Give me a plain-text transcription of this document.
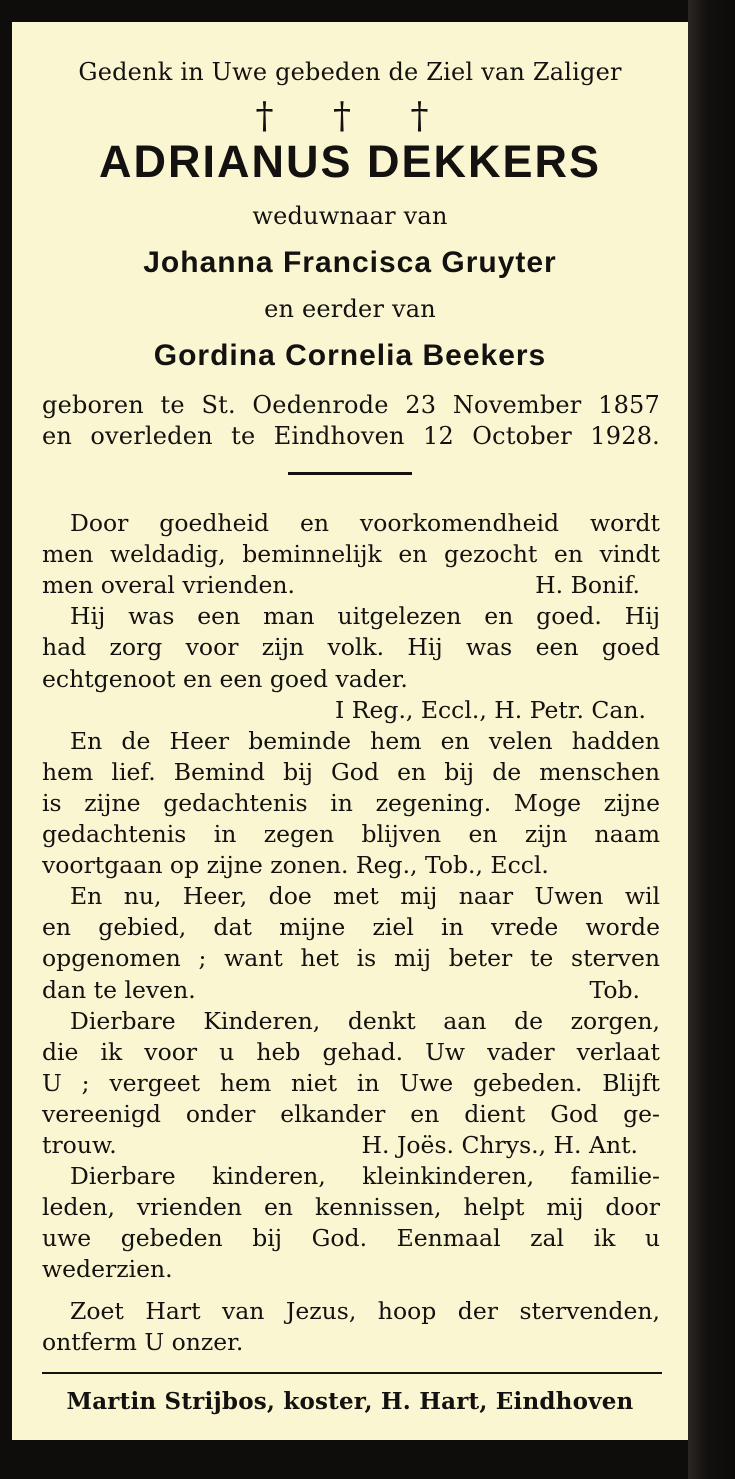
Gedenk in Uwe gebeden de Ziel van Zaliger
† † †
ADRIANUS DEKKERS
weduwnaar van
Johanna Francisca Gruyter
en eerder van
Gordina Cornelia Beekers
geboren te St. Oedenrode 23 November 1857
en overleden te Eindhoven 12 October 1928.
Door goedheid en voorkomendheid wordt
men weldadig, beminnelijk en gezocht en vindt
men overal vrienden.	H. Bonif.
Hij was een man uitgelezen en goed. Hij
had zorg voor zijn volk. Hij was een goed
echtgenoot en een goed vader.
I Reg., Eccl., H. Petr. Can.
En de Heer beminde hem en velen hadden
hem lief. Bemind bij God en bij de menschen
is zijne gedachtenis in zegening. Moge zijne
gedachtenis in zegen blijven en zijn naam
voortgaan op zijne zonen. Reg., Tob., Eccl.
En nu, Heer, doe met mij naar Uwen wil
en gebied, dat mijne ziel in vrede worde
opgenomen ; want het is mij beter te sterven
dan te leven.	Tob.
Dierbare Kinderen, denkt aan de zorgen,
die ik voor u heb gehad. Uw vader verlaat
U ; vergeet hem niet in Uwe gebeden. Blijft
vereenigd onder elkander en dient God ge-
trouw.	H. Joës. Chrys., H. Ant.
Dierbare kinderen, kleinkinderen, familie-
leden, vrienden en kennissen, helpt mij door
uwe gebeden bij God. Eenmaal zal ik u
wederzien.
Zoet Hart van Jezus, hoop der stervenden,
ontferm U onzer.
Martin Strijbos, koster, H. Hart, Eindhoven
